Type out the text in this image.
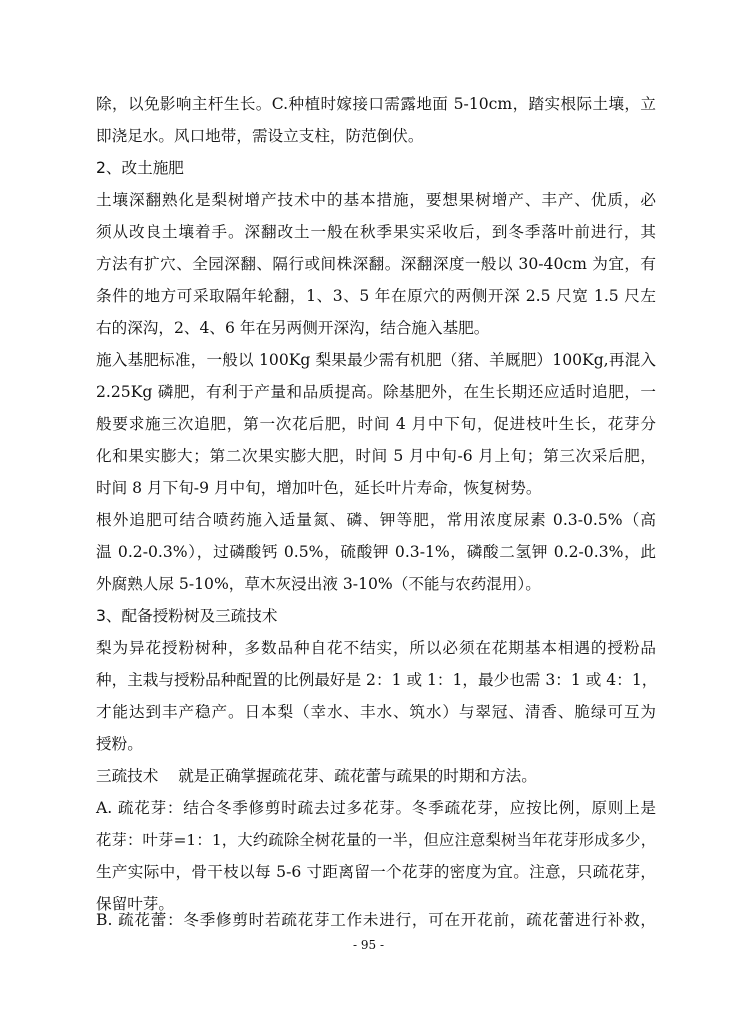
除，以免影响主杆生长。C.种植时嫁接口需露地面 5-10cm，踏实根际土壤，立
即浇足水。风口地带，需设立支柱，防范倒伏。
2、改土施肥
土壤深翻熟化是梨树增产技术中的基本措施，要想果树增产、丰产、优质，必
须从改良土壤着手。深翻改土一般在秋季果实采收后，到冬季落叶前进行，其
方法有扩穴、全园深翻、隔行或间株深翻。深翻深度一般以 30-40cm 为宜，有
条件的地方可采取隔年轮翻，1、3、5 年在原穴的两侧开深 2.5 尺宽 1.5 尺左
右的深沟，2、4、6 年在另两侧开深沟，结合施入基肥。
施入基肥标准，一般以 100Kg 梨果最少需有机肥（猪、羊厩肥）100Kg,再混入
2.25Kg 磷肥，有利于产量和品质提高。除基肥外，在生长期还应适时追肥，一
般要求施三次追肥，第一次花后肥，时间 4 月中下旬，促进枝叶生长，花芽分
化和果实膨大；第二次果实膨大肥，时间 5 月中旬-6 月上旬；第三次采后肥，
时间 8 月下旬-9 月中旬，增加叶色，延长叶片寿命，恢复树势。
根外追肥可结合喷药施入适量氮、磷、钾等肥，常用浓度尿素 0.3-0.5%（高
温 0.2-0.3%），过磷酸钙 0.5%，硫酸钾 0.3-1%，磷酸二氢钾 0.2-0.3%，此
外腐熟人尿 5-10%，草木灰浸出液 3-10%（不能与农药混用）。
3、配备授粉树及三疏技术
梨为异花授粉树种，多数品种自花不结实，所以必须在花期基本相遇的授粉品
种，主栽与授粉品种配置的比例最好是 2：1 或 1：1，最少也需 3：1 或 4：1，
才能达到丰产稳产。日本梨（幸水、丰水、筑水）与翠冠、清香、脆绿可互为
授粉。
三疏技术    就是正确掌握疏花芽、疏花蕾与疏果的时期和方法。
A. 疏花芽：结合冬季修剪时疏去过多花芽。冬季疏花芽，应按比例，原则上是
花芽：叶芽=1：1，大约疏除全树花量的一半，但应注意梨树当年花芽形成多少，
生产实际中，骨干枝以每 5-6 寸距离留一个花芽的密度为宜。注意，只疏花芽，
保留叶芽。
B. 疏花蕾：冬季修剪时若疏花芽工作未进行，可在开花前，疏花蕾进行补救，
- 95 -
